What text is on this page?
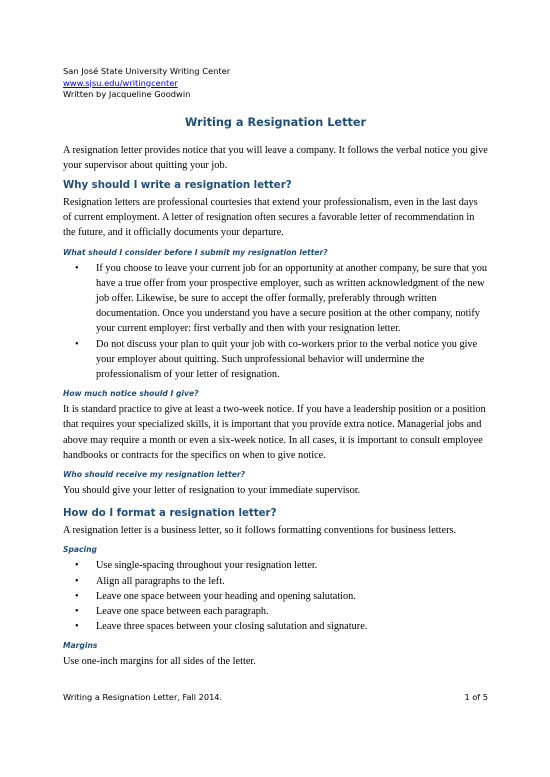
San José State University Writing Center
www.sjsu.edu/writingcenter
Written by Jacqueline Goodwin
Writing a Resignation Letter

A resignation letter provides notice that you will leave a company. It follows the verbal notice you give your supervisor about quitting your job.

Why should I write a resignation letter?

Resignation letters are professional courtesies that extend your professionalism, even in the last days of current employment. A letter of resignation often secures a favorable letter of recommendation in the future, and it officially documents your departure.

What should I consider before I submit my resignation letter?
• If you choose to leave your current job for an opportunity at another company, be sure that you have a true offer from your prospective employer, such as written acknowledgment of the new job offer. Likewise, be sure to accept the offer formally, preferably through written documentation. Once you understand you have a secure position at the other company, notify your current employer: first verbally and then with your resignation letter.
• Do not discuss your plan to quit your job with co-workers prior to the verbal notice you give your employer about quitting. Such unprofessional behavior will undermine the professionalism of your letter of resignation.
How much notice should I give?

It is standard practice to give at least a two-week notice. If you have a leadership position or a position that requires your specialized skills, it is important that you provide extra notice. Managerial jobs and above may require a month or even a six-week notice. In all cases, it is important to consult employee handbooks or contracts for the specifics on when to give notice.

Who should receive my resignation letter?

You should give your letter of resignation to your immediate supervisor.

How do I format a resignation letter?

A resignation letter is a business letter, so it follows formatting conventions for business letters.

Spacing
• Use single-spacing throughout your resignation letter.
• Align all paragraphs to the left.
• Leave one space between your heading and opening salutation.
• Leave one space between each paragraph.
• Leave three spaces between your closing salutation and signature.
Margins

Use one-inch margins for all sides of the letter.

Writing a Resignation Letter, Fall 2014.	1 of 5
